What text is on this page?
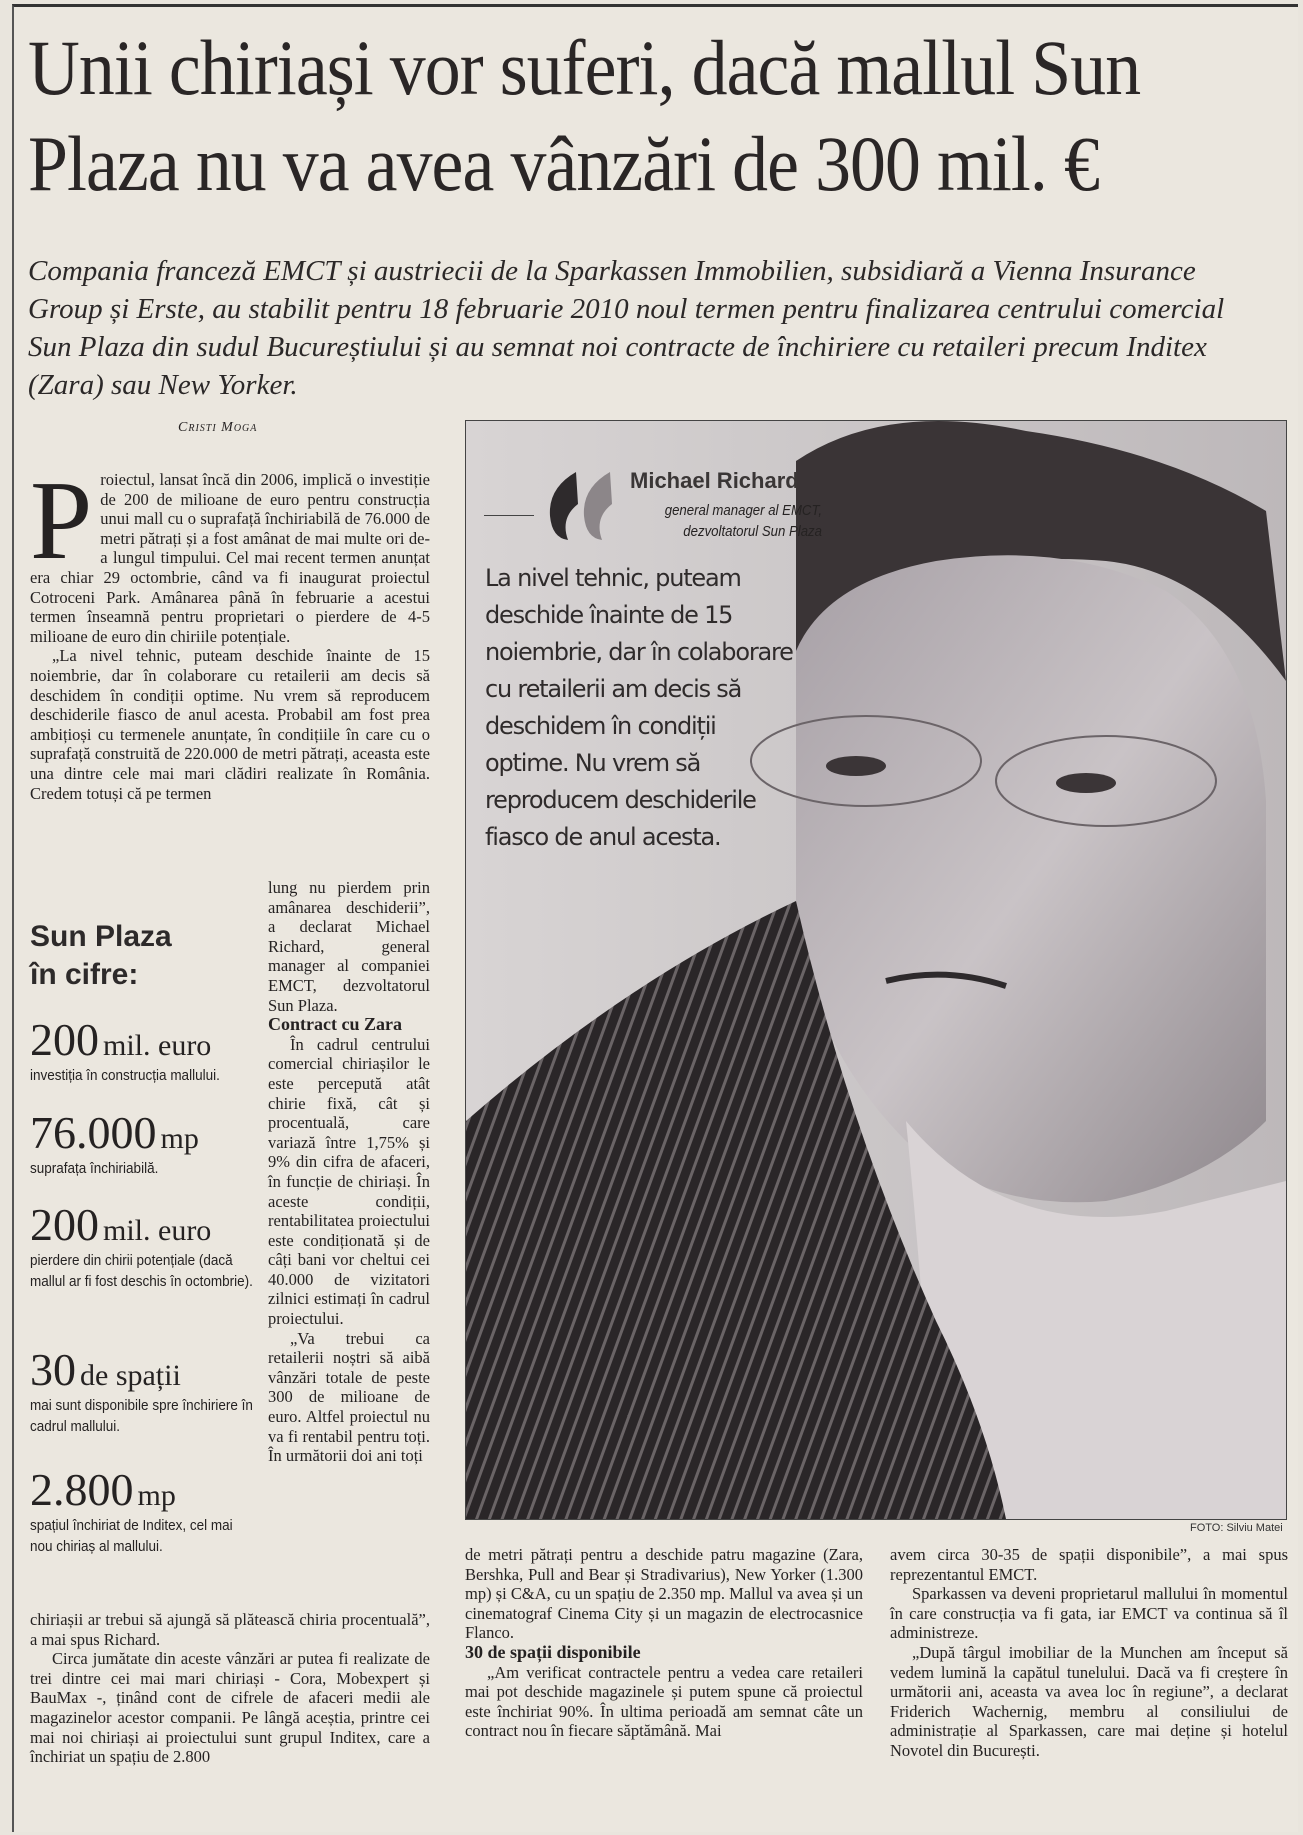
Unii chiriași vor suferi, dacă mallul Sun
Plaza nu va avea vânzări de 300 mil. €
Compania franceză EMCT și austriecii de la Sparkassen Immobilien, subsidiară a Vienna Insurance Group și Erste, au stabilit pentru 18 februarie 2010 noul termen pentru finalizarea centrului comercial Sun Plaza din sudul Bucureștiului și au semnat noi contracte de închiriere cu retaileri precum Inditex (Zara) sau New Yorker.
Cristi Moga

Proiectul, lansat încă din 2006, implică o investiție de 200 de milioane de euro pentru construcția unui mall cu o suprafață închiriabilă de 76.000 de metri pătrați și a fost amânat de mai multe ori de-a lungul timpului. Cel mai recent termen anunțat era chiar 29 octombrie, când va fi inaugurat proiectul Cotroceni Park. Amânarea până în februarie a acestui termen înseamnă pentru proprietari o pierdere de 4-5 milioane de euro din chiriile potențiale.

„La nivel tehnic, puteam deschide înainte de 15 noiembrie, dar în colaborare cu retailerii am decis să deschidem în condiții optime. Nu vrem să reproducem deschiderile fiasco de anul acesta. Probabil am fost prea ambițioși cu termenele anunțate, în condițiile în care cu o suprafață construită de 220.000 de metri pătrați, aceasta este una dintre cele mai mari clădiri realizate în România. Credem totuși că pe termen

Sun Plaza
în cifre:
200 mil. euro
investiția în construcția mallului.
76.000 mp
suprafața închiriabilă.
200 mil. euro
pierdere din chirii potențiale (dacă mallul ar fi fost deschis în octombrie).
30 de spații
mai sunt disponibile spre închiriere în cadrul mallului.
2.800 mp
spațiul închiriat de Inditex, cel mai nou chiriaș al mallului.

lung nu pierdem prin amânarea deschiderii”, a declarat Michael Richard, general manager al companiei EMCT, dezvoltatorul Sun Plaza.

Contract cu Zara

În cadrul centrului comercial chiriașilor le este percepută atât chirie fixă, cât și procentuală, care variază între 1,75% și 9% din cifra de afaceri, în funcție de chiriași. În aceste condiții, rentabilitatea proiectului este condiționată și de câți bani vor cheltui cei 40.000 de vizitatori zilnici estimați în cadrul proiectului.

„Va trebui ca retailerii noștri să aibă vânzări totale de peste 300 de milioane de euro. Altfel proiectul nu va fi rentabil pentru toți. În următorii doi ani toți

chiriașii ar trebui să ajungă să plătească chiria procentuală”, a mai spus Richard.

Circa jumătate din aceste vânzări ar putea fi realizate de trei dintre cei mai mari chiriași - Cora, Mobexpert și BauMax -, ținând cont de cifrele de afaceri medii ale magazinelor acestor companii. Pe lângă aceștia, printre cei mai noi chiriași ai proiectului sunt grupul Inditex, care a închiriat un spațiu de 2.800

Michael Richard
general manager al EMCT,
dezvoltatorul Sun Plaza
La nivel tehnic, puteam deschide înainte de 15 noiembrie, dar în colaborare cu retailerii am decis să deschidem în condiții optime. Nu vrem să reproducem deschiderile fiasco de anul acesta.
FOTO: Silviu Matei

de metri pătrați pentru a deschide patru magazine (Zara, Bershka, Pull and Bear și Stradivarius), New Yorker (1.300 mp) și C&A, cu un spațiu de 2.350 mp. Mallul va avea și un cinematograf Cinema City și un magazin de electrocasnice Flanco.

30 de spații disponibile

„Am verificat contractele pentru a vedea care retaileri mai pot deschide magazinele și putem spune că proiectul este închiriat 90%. În ultima perioadă am semnat câte un contract nou în fiecare săptămână. Mai

avem circa 30-35 de spații disponibile”, a mai spus reprezentantul EMCT.

Sparkassen va deveni proprietarul mallului în momentul în care construcția va fi gata, iar EMCT va continua să îl administreze.

„După târgul imobiliar de la Munchen am început să vedem lumină la capătul tunelului. Dacă va fi creștere în următorii ani, aceasta va avea loc în regiune”, a declarat Friderich Wachernig, membru al consiliului de administrație al Sparkassen, care mai deține și hotelul Novotel din București.
